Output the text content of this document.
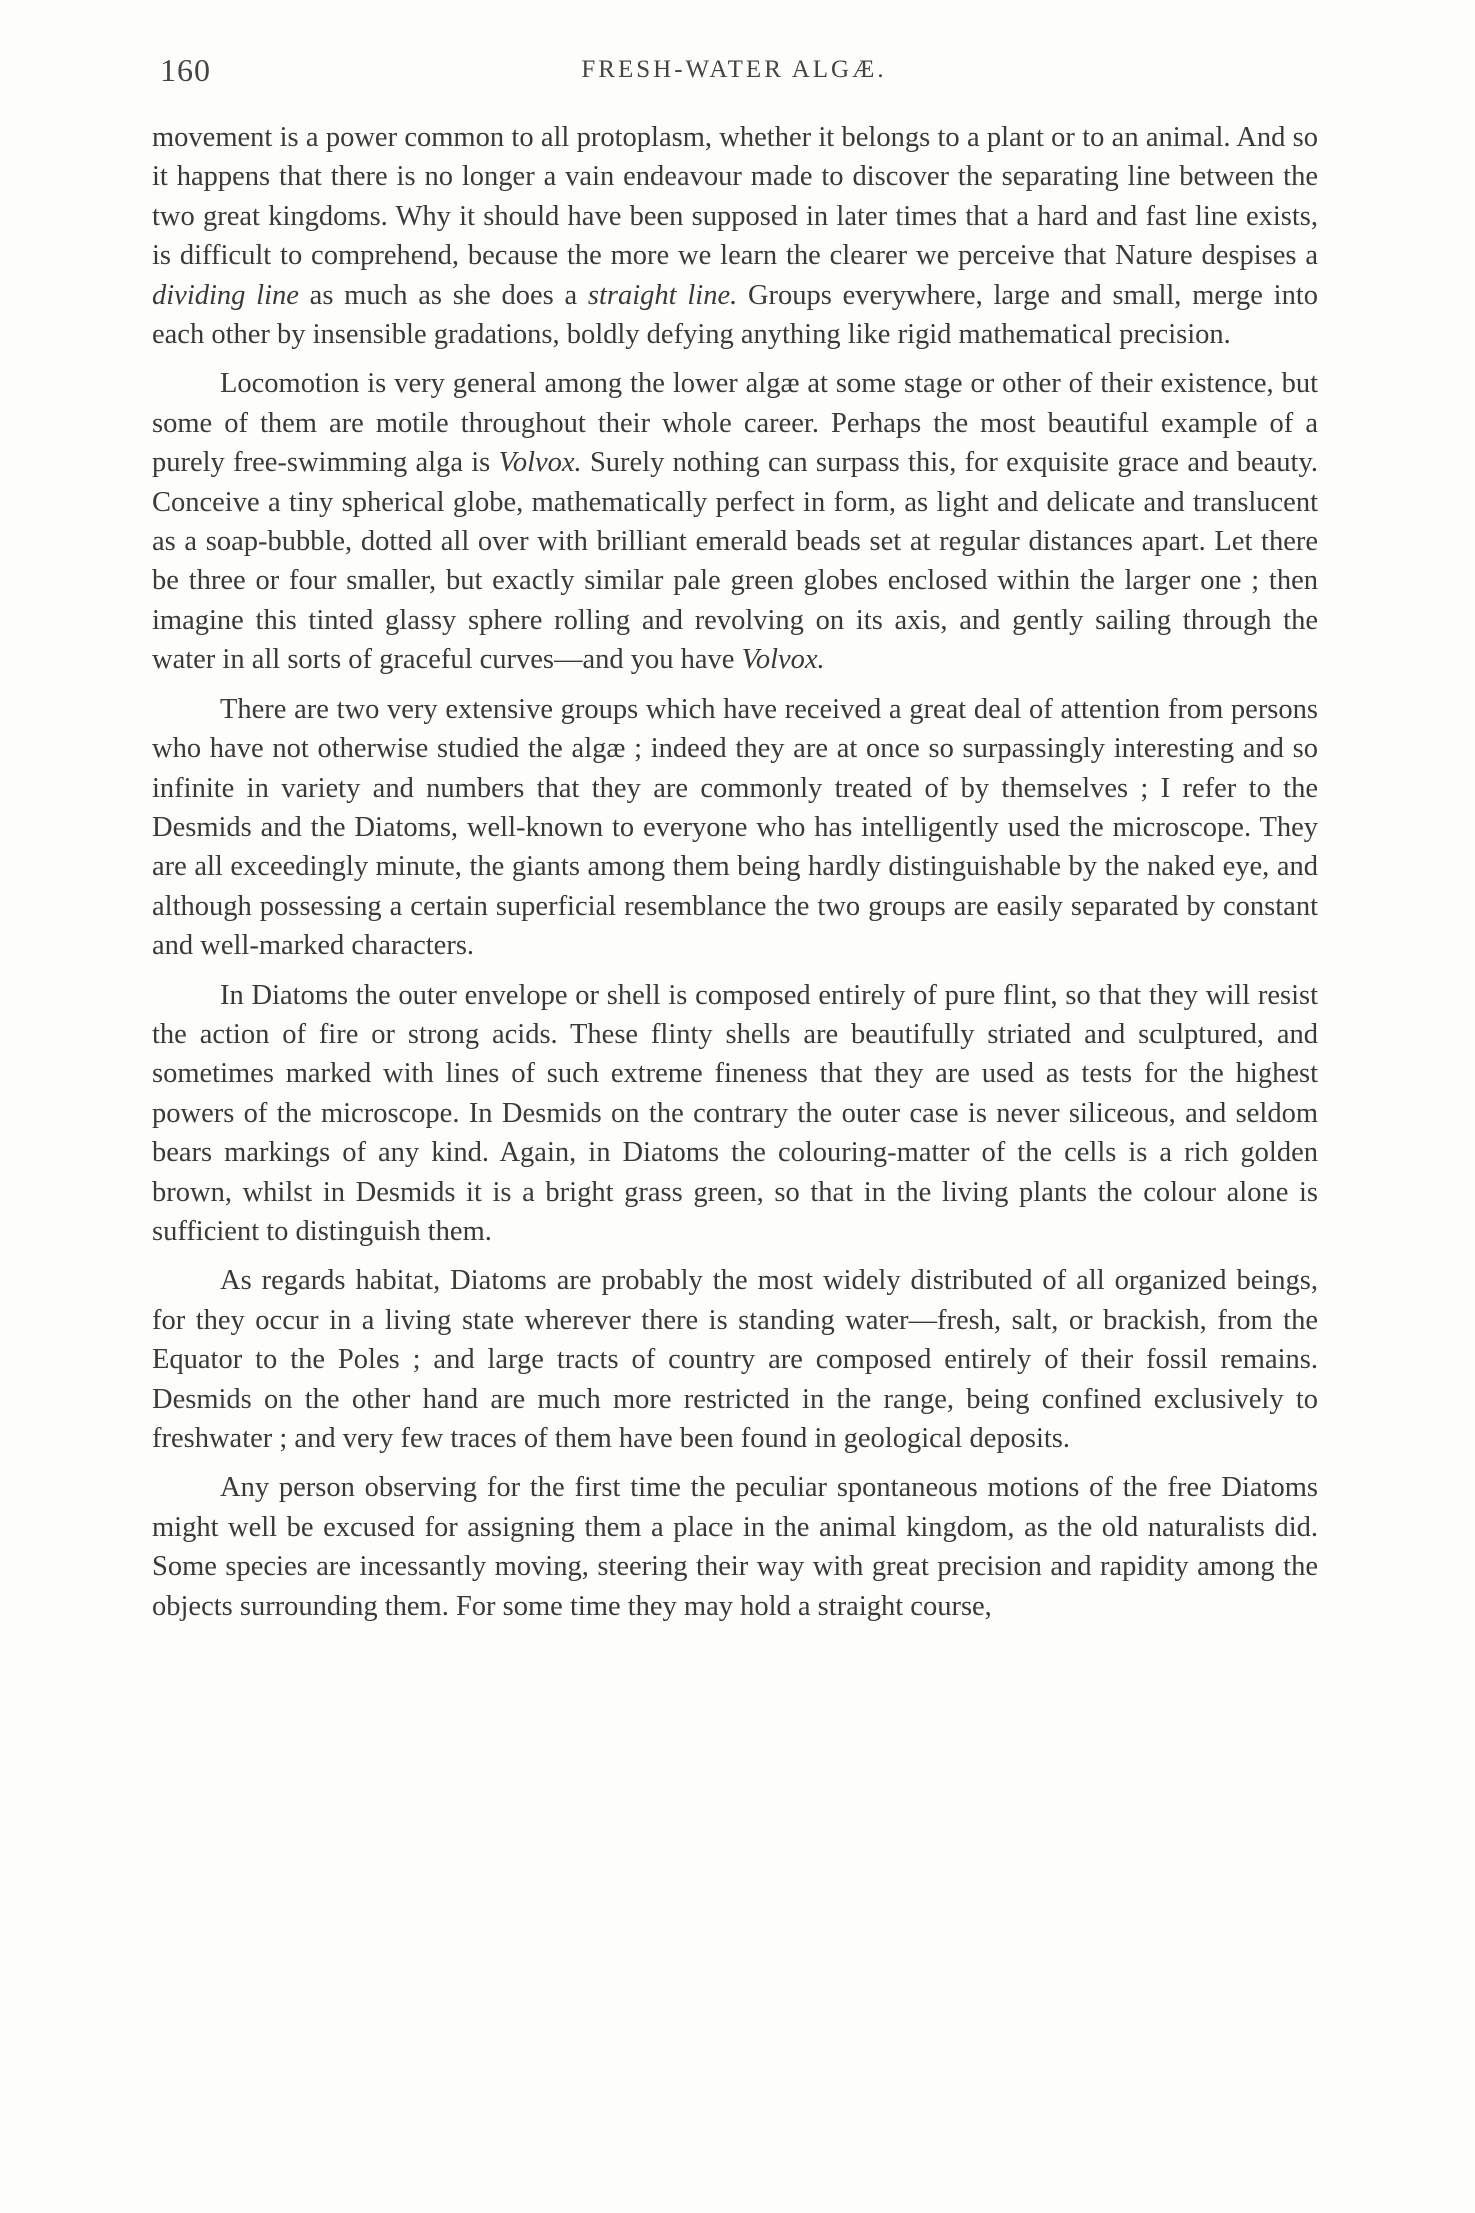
160	FRESH-WATER ALGÆ.

movement is a power common to all protoplasm, whether it belongs to a plant or to an animal. And so it happens that there is no longer a vain endeavour made to discover the separating line between the two great kingdoms. Why it should have been supposed in later times that a hard and fast line exists, is difficult to comprehend, because the more we learn the clearer we perceive that Nature despises a dividing line as much as she does a straight line. Groups everywhere, large and small, merge into each other by insensible gradations, boldly defying anything like rigid mathematical precision.

Locomotion is very general among the lower algæ at some stage or other of their existence, but some of them are motile throughout their whole career. Perhaps the most beautiful example of a purely free-swimming alga is Volvox. Surely nothing can surpass this, for exquisite grace and beauty. Conceive a tiny spherical globe, mathematically perfect in form, as light and delicate and translucent as a soap-bubble, dotted all over with brilliant emerald beads set at regular distances apart. Let there be three or four smaller, but exactly similar pale green globes enclosed within the larger one ; then imagine this tinted glassy sphere rolling and revolving on its axis, and gently sailing through the water in all sorts of graceful curves—and you have Volvox.

There are two very extensive groups which have received a great deal of attention from persons who have not otherwise studied the algæ ; indeed they are at once so surpassingly interesting and so infinite in variety and numbers that they are commonly treated of by themselves ; I refer to the Desmids and the Diatoms, well-known to everyone who has intelligently used the microscope. They are all exceedingly minute, the giants among them being hardly distinguishable by the naked eye, and although possessing a certain superficial resemblance the two groups are easily separated by constant and well-marked characters.

In Diatoms the outer envelope or shell is composed entirely of pure flint, so that they will resist the action of fire or strong acids. These flinty shells are beautifully striated and sculptured, and sometimes marked with lines of such extreme fineness that they are used as tests for the highest powers of the microscope. In Desmids on the contrary the outer case is never siliceous, and seldom bears markings of any kind. Again, in Diatoms the colouring-matter of the cells is a rich golden brown, whilst in Desmids it is a bright grass green, so that in the living plants the colour alone is sufficient to distinguish them.

As regards habitat, Diatoms are probably the most widely distributed of all organized beings, for they occur in a living state wherever there is standing water—fresh, salt, or brackish, from the Equator to the Poles ; and large tracts of country are composed entirely of their fossil remains. Desmids on the other hand are much more restricted in the range, being confined exclusively to freshwater ; and very few traces of them have been found in geological deposits.

Any person observing for the first time the peculiar spontaneous motions of the free Diatoms might well be excused for assigning them a place in the animal kingdom, as the old naturalists did. Some species are incessantly moving, steering their way with great precision and rapidity among the objects surrounding them. For some time they may hold a straight course,
